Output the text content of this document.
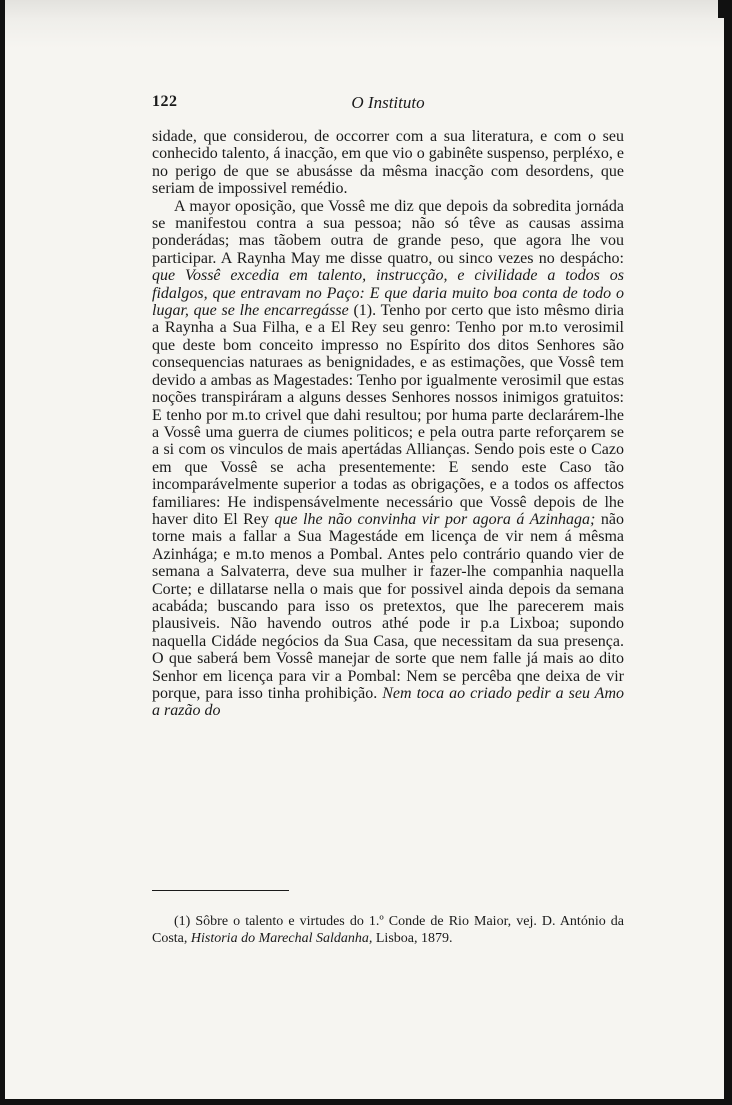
122	O Instituto

sidade, que considerou, de occorrer com a sua literatura, e com o seu conhecido talento, á inacção, em que vio o gabinête suspenso, perpléxo, e no perigo de que se abusásse da mêsma inacção com desordens, que seriam de impossivel remédio.

A mayor oposição, que Vossê me diz que depois da sobredita jornáda se manifestou contra a sua pessoa; não só têve as causas assima ponderádas; mas tãobem outra de grande peso, que agora lhe vou participar. A Raynha May me disse quatro, ou sinco vezes no despácho: que Vossê excedia em talento, instrucção, e civilidade a todos os fidalgos, que entravam no Paço: E que daria muito boa conta de todo o lugar, que se lhe encarregásse (1). Tenho por certo que isto mêsmo diria a Raynha a Sua Filha, e a El Rey seu genro: Tenho por m.to verosimil que deste bom conceito impresso no Espírito dos ditos Senhores são consequencias naturaes as benignidades, e as estimações, que Vossê tem devido a ambas as Magestades: Tenho por igualmente verosimil que estas noções transpiráram a alguns desses Senhores nossos inimigos gratuitos: E tenho por m.to crivel que dahi resultou; por huma parte declarárem-lhe a Vossê uma guerra de ciumes politicos; e pela outra parte reforçarem se a si com os vinculos de mais apertádas Allianças. Sendo pois este o Cazo em que Vossê se acha presentemente: E sendo este Caso tão incomparávelmente superior a todas as obrigações, e a todos os affectos familiares: He indispensávelmente necessário que Vossê depois de lhe haver dito El Rey que lhe não convinha vir por agora á Azinhaga; não torne mais a fallar a Sua Magestáde em licença de vir nem á mêsma Azinhága; e m.to menos a Pombal. Antes pelo contrário quando vier de semana a Salvaterra, deve sua mulher ir fazer-lhe companhia naquella Corte; e dillatarse nella o mais que for possivel ainda depois da semana acabáda; buscando para isso os pretextos, que lhe parecerem mais plausiveis. Não havendo outros athé pode ir p.a Lixboa; supondo naquella Cidáde negócios da Sua Casa, que necessitam da sua presença. O que saberá bem Vossê manejar de sorte que nem falle já mais ao dito Senhor em licença para vir a Pombal: Nem se percêba qne deixa de vir porque, para isso tinha prohibição. Nem toca ao criado pedir a seu Amo a razão do

(1) Sôbre o talento e virtudes do 1.º Conde de Rio Maior, vej. D. António da Costa, Historia do Marechal Saldanha, Lisboa, 1879.
